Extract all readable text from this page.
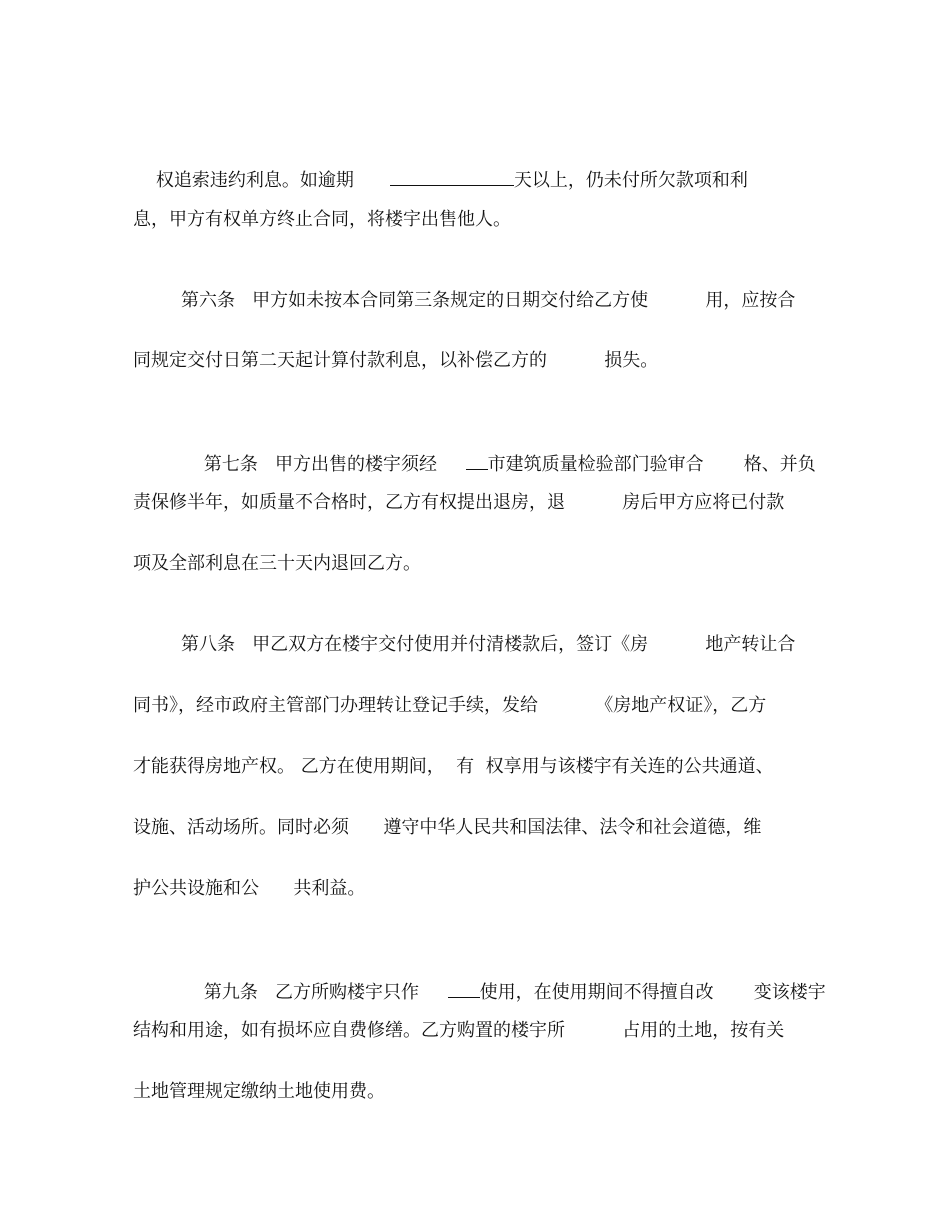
权追索违约利息。如逾期	天以上，仍未付所欠款项和利

息，甲方有权单方终止合同，将楼宇出售他人。
第六条   甲方如未按本合同第三条规定的日期交付给乙方使          用，应按合
同规定交付日第二天起计算付款利息，以补偿乙方的          损失。

第七条   甲方出售的楼宇须经     市建筑质量检验部门验审合       格、并负

责保修半年，如质量不合格时，乙方有权提出退房，退          房后甲方应将已付款
项及全部利息在三十天内退回乙方。
第八条   甲乙双方在楼宇交付使用并付清楼款后，签订《房          地产转让合
同书》，经市政府主管部门办理转让登记手续，发给          《房地产权证》，乙方
才能获得房地产权。 乙方在使用期间，  有  权享用与该楼宇有关连的公共通道、
设施、活动场所。同时必须      遵守中华人民共和国法律、法令和社会道德，维
护公共设施和公      共利益。

第九条   乙方所购楼宇只作     使用，在使用期间不得擅自改       变该楼宇

结构和用途，如有损坏应自费修缮。乙方购置的楼宇所          占用的土地，按有关
土地管理规定缴纳土地使用费。
